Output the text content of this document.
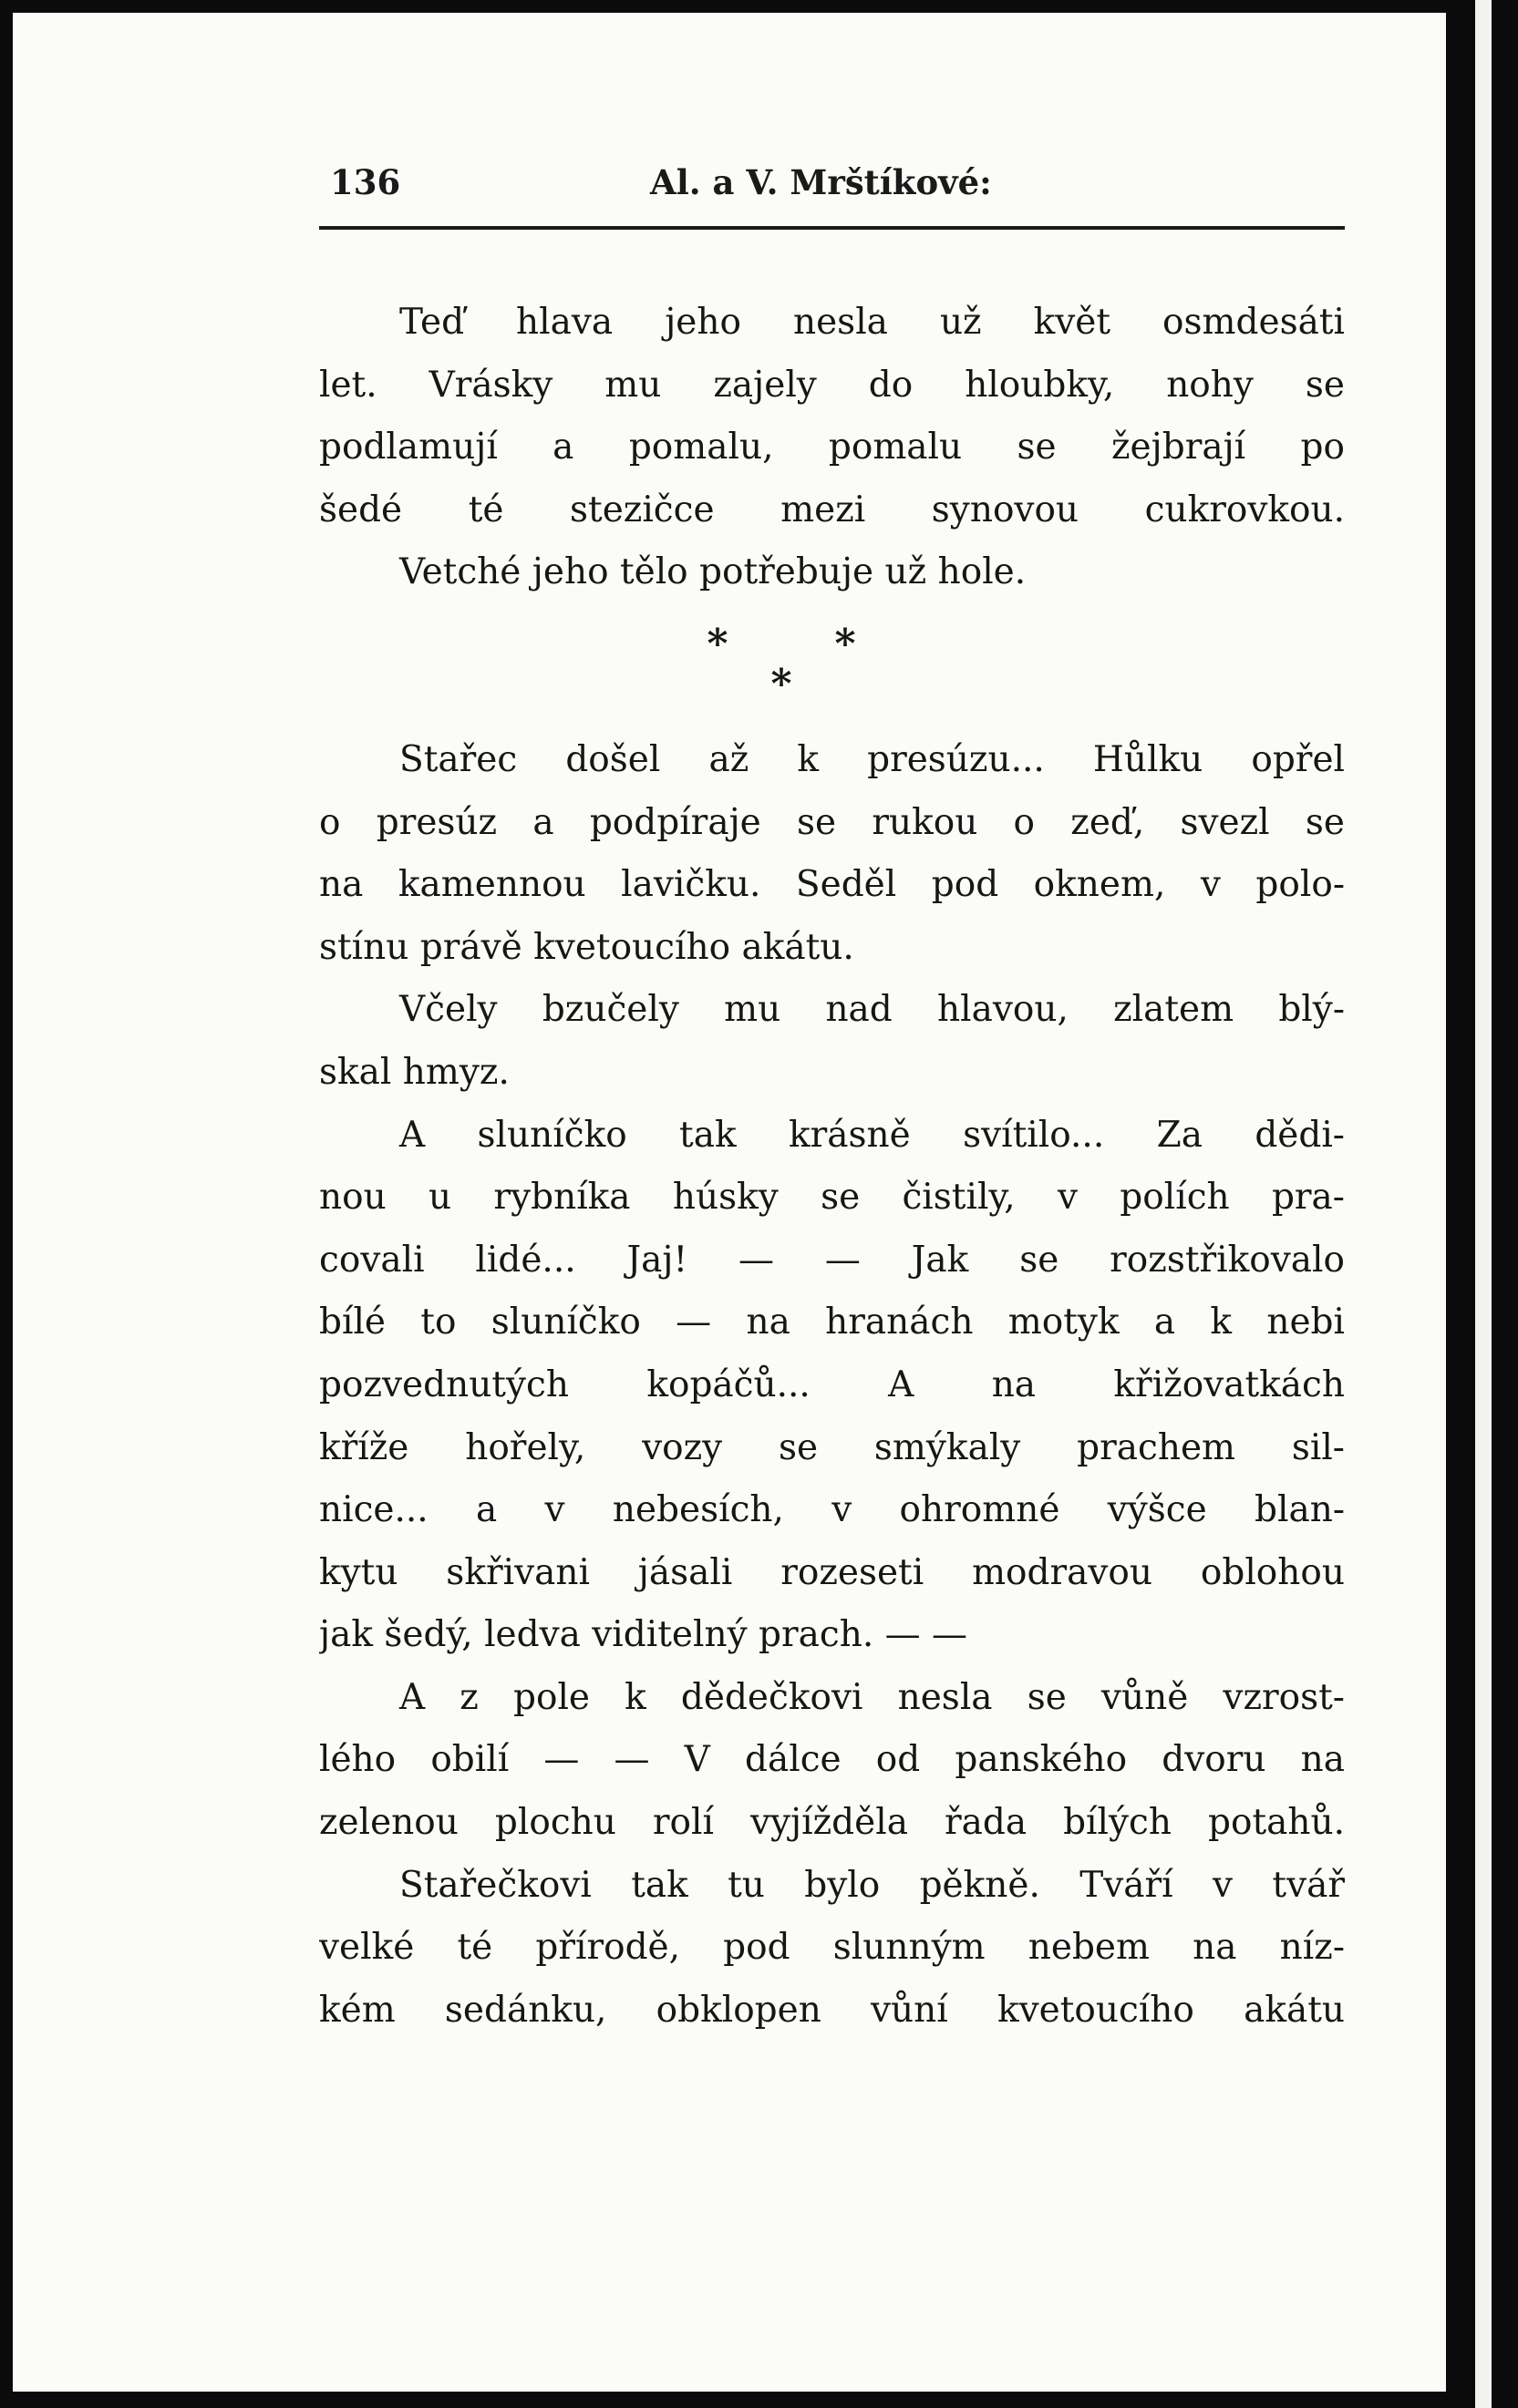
136	Al. a V. Mrštíkové:
Teď hlava jeho nesla už květ osmdesáti
let. Vrásky mu zajely do hloubky, nohy se
podlamují a pomalu, pomalu se žejbrají po
šedé té stezičce mezi synovou cukrovkou.
Vetché jeho tělo potřebuje už hole.
*	*
*
Stařec došel až k presúzu... Hůlku opřel
o presúz a podpíraje se rukou o zeď, svezl se
na kamennou lavičku. Seděl pod oknem, v polo-
stínu právě kvetoucího akátu.
Včely bzučely mu nad hlavou, zlatem blý-
skal hmyz.
A sluníčko tak krásně svítilo... Za dědi-
nou u rybníka húsky se čistily, v polích pra-
covali lidé... Jaj! — — Jak se rozstřikovalo
bílé to sluníčko — na hranách motyk a k nebi
pozvednutých kopáčů... A na křižovatkách
kříže hořely, vozy se smýkaly prachem sil-
nice... a v nebesích, v ohromné výšce blan-
kytu skřivani jásali rozeseti modravou oblohou
jak šedý, ledva viditelný prach. — —
A z pole k dědečkovi nesla se vůně vzrost-
lého obilí — — V dálce od panského dvoru na
zelenou plochu rolí vyjížděla řada bílých potahů.
Stařečkovi tak tu bylo pěkně. Tváří v tvář
velké té přírodě, pod slunným nebem na níz-
kém sedánku, obklopen vůní kvetoucího akátu
